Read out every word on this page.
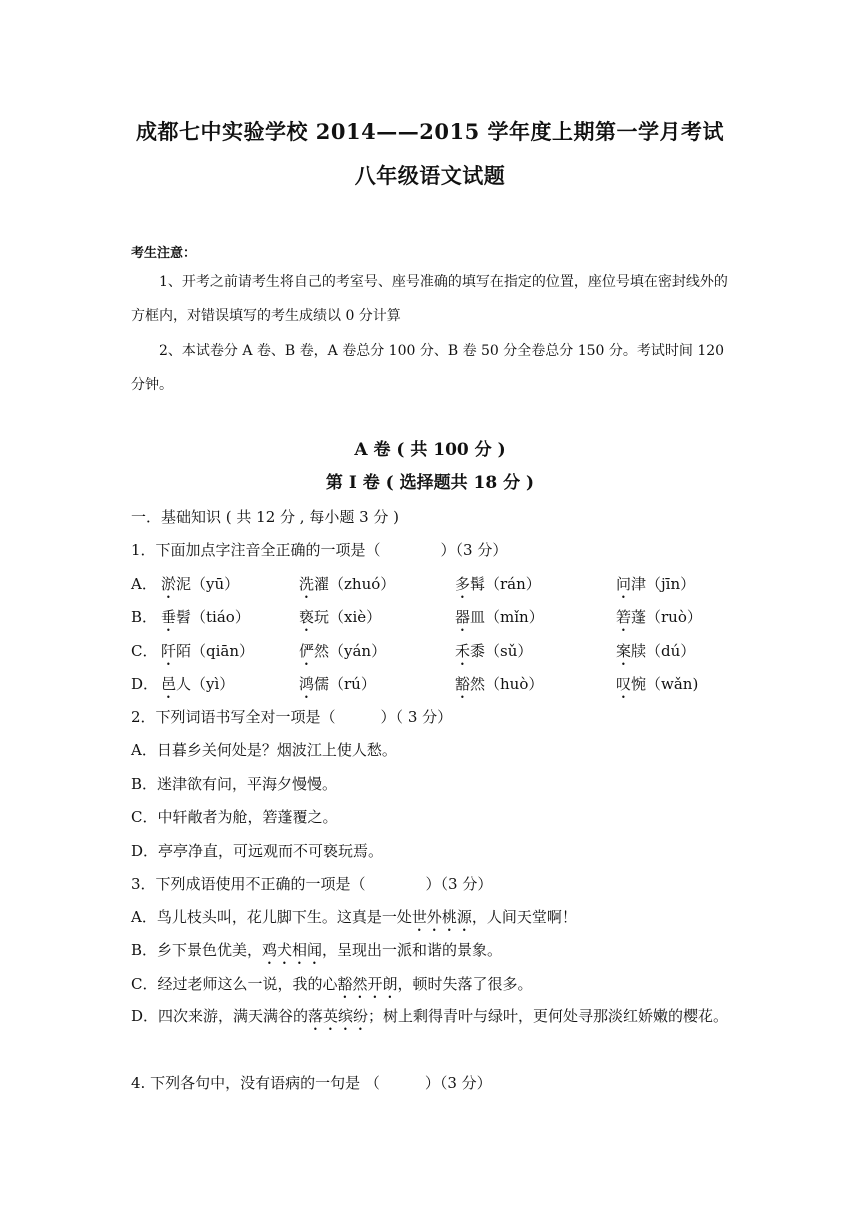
成都七中实验学校 2014——2015 学年度上期第一学月考试
八年级语文试题
考生注意：
1、开考之前请考生将自己的考室号、座号准确的填写在指定的位置，座位号填在密封线外的方框内，对错误填写的考生成绩以 0 分计算
2、本试卷分 A 卷、B 卷，A 卷总分 100 分、B 卷 50 分全卷总分 150 分。考试时间 120 分钟。
A 卷 ( 共 100 分 )
第 I 卷 ( 选择题共 18 分 )
一．基础知识 ( 共 12 分 , 每小题 3 分 )
1．下面加点字注音全正确的一项是（　　　　）（3 分）
A． 淤泥（yū）	洗濯（zhuó）	多髯（rán）	问津（jīn）
B． 垂髫（tiáo）	亵玩（xiè）	器皿（mǐn）	箬蓬（ruò）
C． 阡陌（qiān）	俨然（yán）	禾黍（sǔ）	案牍（dú）
D． 邑人（yì）	鸿儒（rú）	豁然（huò）	叹惋（wǎn)
2．下列词语书写全对一项是（　　　）（ 3 分）
A．日暮乡关何处是？烟波江上使人愁。
B．迷津欲有问，平海夕慢慢。
C．中轩敞者为舱，箬蓬覆之。
D．亭亭净直，可远观而不可亵玩焉。
3．下列成语使用不正确的一项是（　　　　）（3 分）
A．鸟儿枝头叫，花儿脚下生。这真是一处世外桃源，人间天堂啊！
B．乡下景色优美，鸡犬相闻，呈现出一派和谐的景象。
C．经过老师这么一说，我的心豁然开朗，顿时失落了很多。
D．四次来游，满天满谷的落英缤纷；树上剩得青叶与绿叶，更何处寻那淡红娇嫩的樱花。
4. 下列各句中，没有语病的一句是 （　　　）（3 分）
